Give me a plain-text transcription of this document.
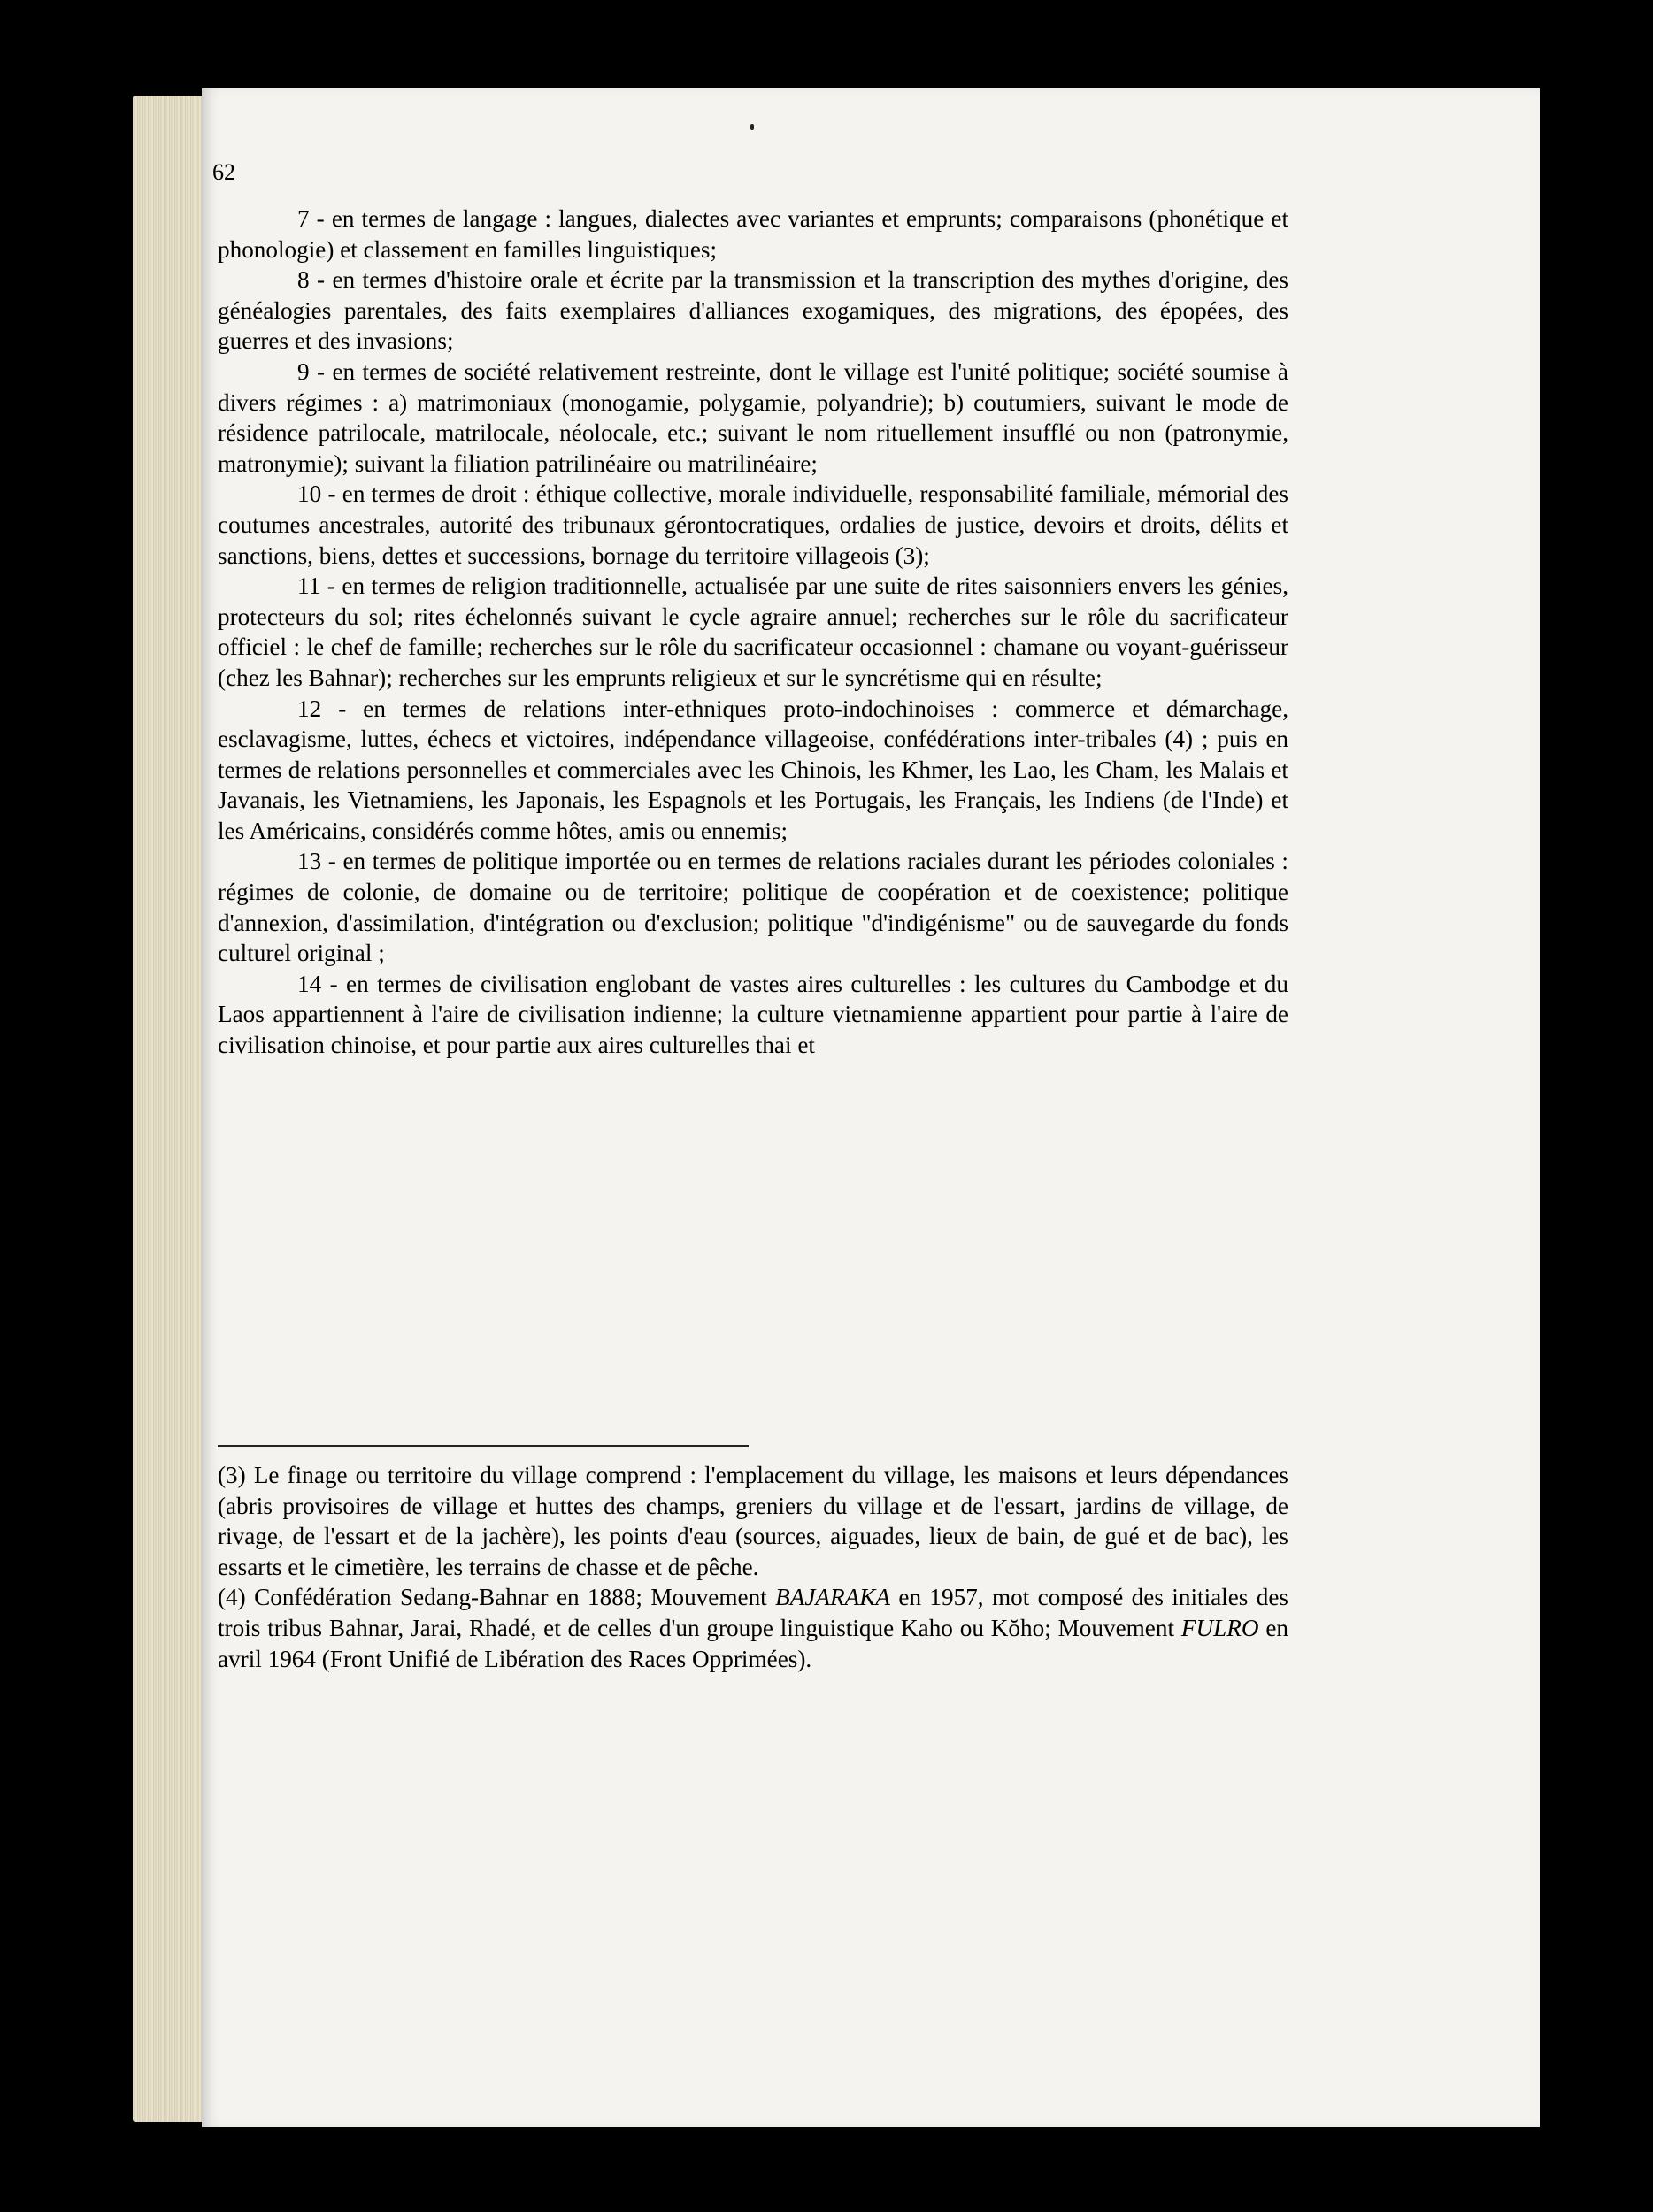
62

7 - en termes de langage : langues, dialectes avec variantes et emprunts; comparaisons (phonétique et phonologie) et classement en familles linguistiques;

8 - en termes d'histoire orale et écrite par la transmission et la transcription des mythes d'origine, des généalogies parentales, des faits exemplaires d'alliances exogamiques, des migrations, des épopées, des guerres et des invasions;

9 - en termes de société relativement restreinte, dont le village est l'unité politique; société soumise à divers régimes : a) matrimoniaux (monogamie, polygamie, polyandrie); b) coutumiers, suivant le mode de résidence patrilocale, matrilocale, néolocale, etc.; suivant le nom rituellement insufflé ou non (patronymie, matronymie); suivant la filiation patrilinéaire ou matrilinéaire;

10 - en termes de droit : éthique collective, morale individuelle, responsabilité familiale, mémorial des coutumes ancestrales, autorité des tribunaux gérontocratiques, ordalies de justice, devoirs et droits, délits et sanctions, biens, dettes et successions, bornage du territoire villageois (3);

11 - en termes de religion traditionnelle, actualisée par une suite de rites saisonniers envers les génies, protecteurs du sol; rites échelonnés suivant le cycle agraire annuel; recherches sur le rôle du sacrificateur officiel : le chef de famille; recherches sur le rôle du sacrificateur occasionnel : chamane ou voyant-guérisseur (chez les Bahnar); recherches sur les emprunts religieux et sur le syncrétisme qui en résulte;

12 - en termes de relations inter-ethniques proto-indochinoises : commerce et démarchage, esclavagisme, luttes, échecs et victoires, indépendance villageoise, confédérations inter-tribales (4) ; puis en termes de relations personnelles et commerciales avec les Chinois, les Khmer, les Lao, les Cham, les Malais et Javanais, les Vietnamiens, les Japonais, les Espagnols et les Portugais, les Français, les Indiens (de l'Inde) et les Américains, considérés comme hôtes, amis ou ennemis;

13 - en termes de politique importée ou en termes de relations raciales durant les périodes coloniales : régimes de colonie, de domaine ou de territoire; politique de coopération et de coexistence; politique d'annexion, d'assimilation, d'intégration ou d'exclusion; politique "d'indigénisme" ou de sauvegarde du fonds culturel original ;

14 - en termes de civilisation englobant de vastes aires culturelles : les cultures du Cambodge et du Laos appartiennent à l'aire de civilisation indienne; la culture vietnamienne appartient pour partie à l'aire de civilisation chinoise, et pour partie aux aires culturelles thai et

(3) Le finage ou territoire du village comprend : l'emplacement du village, les maisons et leurs dépendances (abris provisoires de village et huttes des champs, greniers du village et de l'essart, jardins de village, de rivage, de l'essart et de la jachère), les points d'eau (sources, aiguades, lieux de bain, de gué et de bac), les essarts et le cimetière, les terrains de chasse et de pêche.

(4) Confédération Sedang-Bahnar en 1888; Mouvement BAJARAKA en 1957, mot composé des initiales des trois tribus Bahnar, Jarai, Rhadé, et de celles d'un groupe linguistique Kaho ou Kŏho; Mouvement FULRO en avril 1964 (Front Unifié de Libération des Races Opprimées).
